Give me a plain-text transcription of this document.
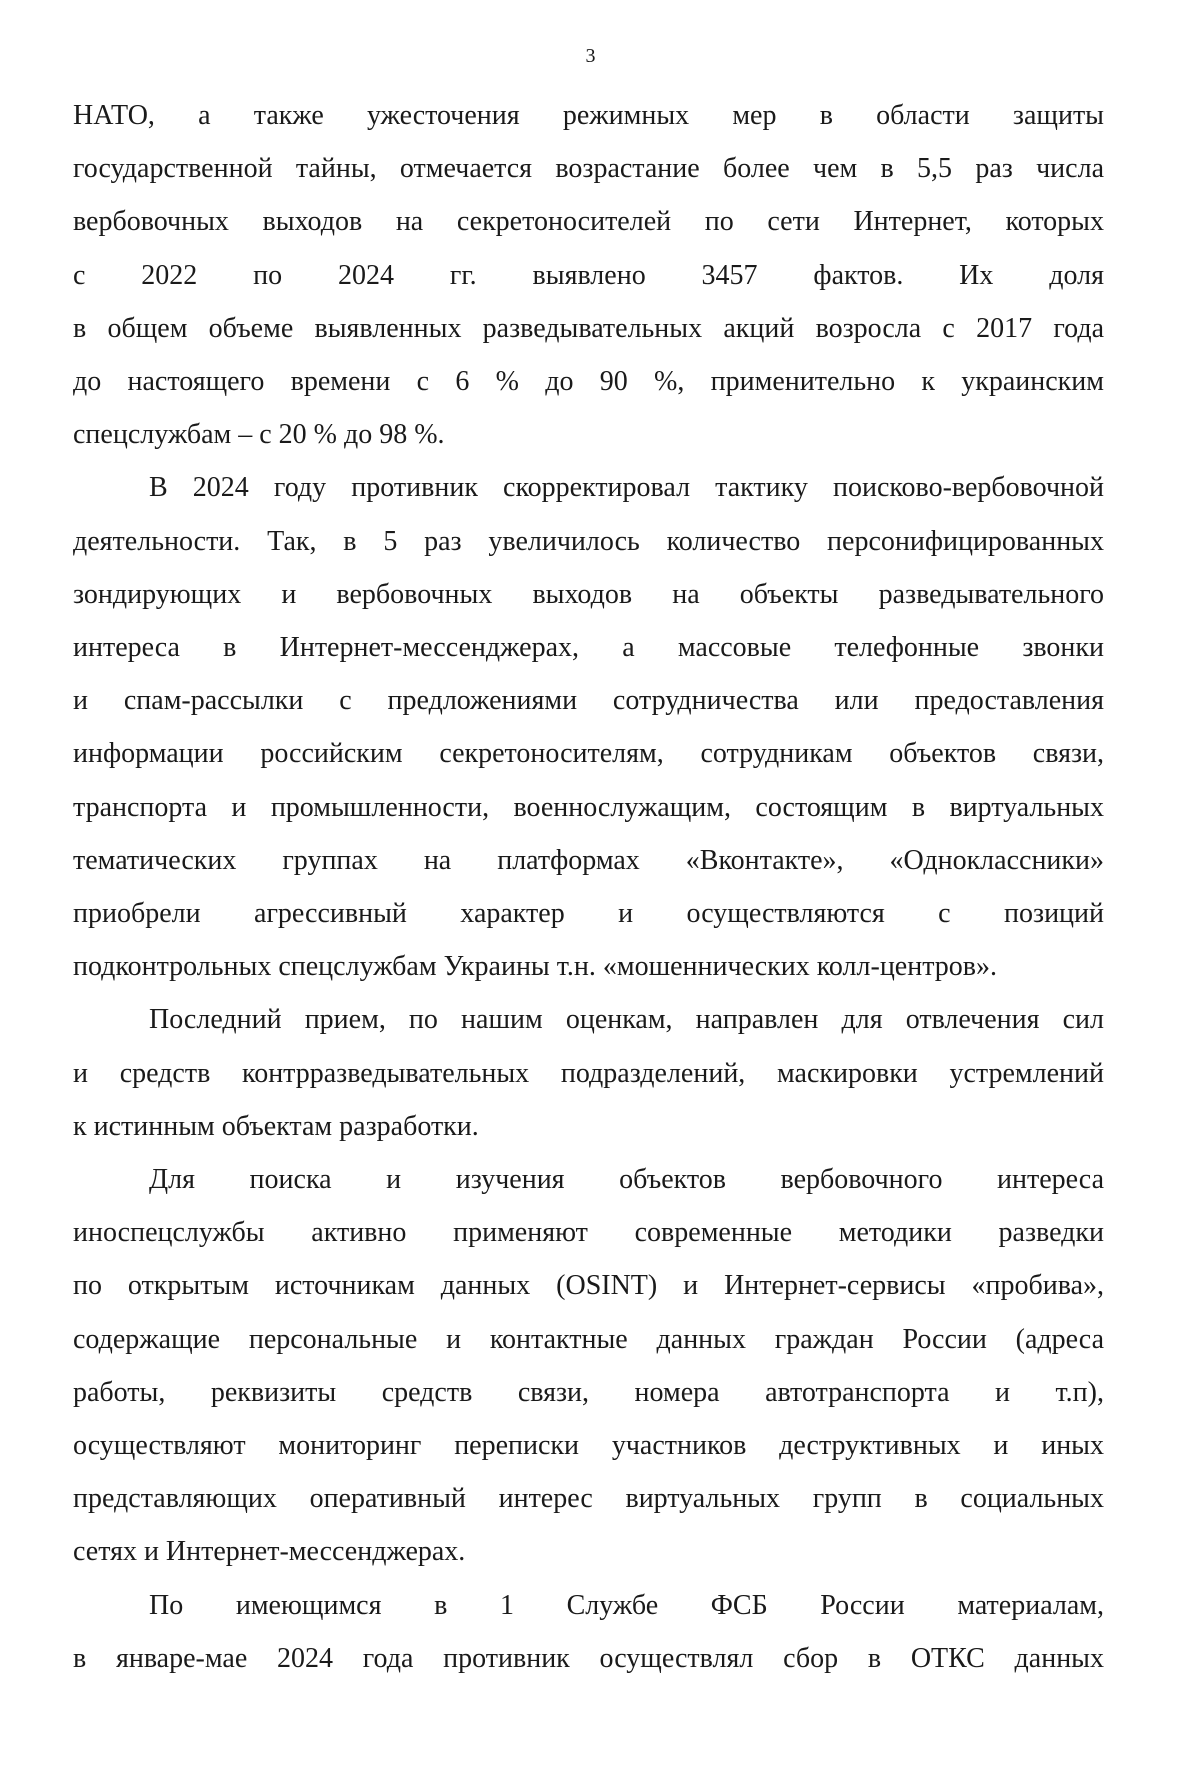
3

НАТО, а также ужесточения режимных мер в области защиты
государственной тайны, отмечается возрастание более чем в 5,5 раз числа
вербовочных выходов на секретоносителей по сети Интернет, которых
с 2022 по 2024 гг. выявлено 3457 фактов. Их доля
в общем объеме выявленных разведывательных акций возросла с 2017 года
до настоящего времени с 6 % до 90 %, применительно к украинским
спецслужбам – с 20 % до 98 %.

В 2024 году противник скорректировал тактику поисково-вербовочной
деятельности. Так, в 5 раз увеличилось количество персонифицированных
зондирующих и вербовочных выходов на объекты разведывательного
интереса в Интернет-мессенджерах, а массовые телефонные звонки
и спам-рассылки с предложениями сотрудничества или предоставления
информации российским секретоносителям, сотрудникам объектов связи,
транспорта и промышленности, военнослужащим, состоящим в виртуальных
тематических группах на платформах «Вконтакте», «Одноклассники»
приобрели агрессивный характер и осуществляются с позиций
подконтрольных спецслужбам Украины т.н. «мошеннических колл-центров».

Последний прием, по нашим оценкам, направлен для отвлечения сил
и средств контрразведывательных подразделений, маскировки устремлений
к истинным объектам разработки.

Для поиска и изучения объектов вербовочного интереса
иноспецслужбы активно применяют современные методики разведки
по открытым источникам данных (OSINT) и Интернет-сервисы «пробива»,
содержащие персональные и контактные данных граждан России (адреса
работы, реквизиты средств связи, номера автотранспорта и т.п),
осуществляют мониторинг переписки участников деструктивных и иных
представляющих оперативный интерес виртуальных групп в социальных
сетях и Интернет-мессенджерах.

По имеющимся в 1 Службе ФСБ России материалам,
в январе-мае 2024 года противник осуществлял сбор в ОТКС данных
